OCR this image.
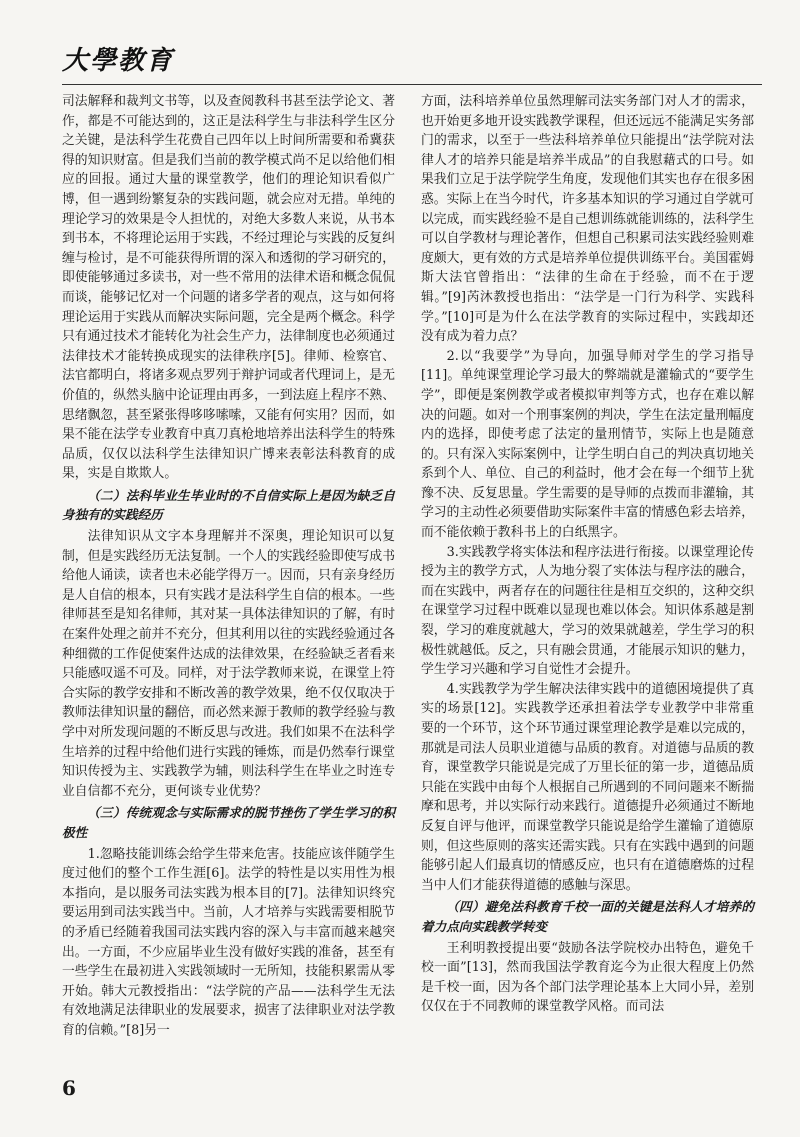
大學教育

司法解释和裁判文书等，以及查阅教科书甚至法学论文、著作，都是不可能达到的，这正是法科学生与非法科学生区分之关键，是法科学生花费自己四年以上时间所需要和希冀获得的知识财富。但是我们当前的教学模式尚不足以给他们相应的回报。通过大量的课堂教学，他们的理论知识看似广博，但一遇到纷繁复杂的实践问题，就会应对无措。单纯的理论学习的效果是令人担忧的，对绝大多数人来说，从书本到书本，不将理论运用于实践，不经过理论与实践的反复纠缠与检讨，是不可能获得所谓的深入和透彻的学习研究的，即使能够通过多读书，对一些不常用的法律术语和概念侃侃而谈，能够记忆对一个问题的诸多学者的观点，这与如何将理论运用于实践从而解决实际问题，完全是两个概念。科学只有通过技术才能转化为社会生产力，法律制度也必须通过法律技术才能转换成现实的法律秩序[5]。律师、检察官、法官都明白，将诸多观点罗列于辩护词或者代理词上，是无价值的，纵然头脑中论证理由再多，一到法庭上程序不熟、思绪飘忽，甚至紧张得哆哆嗦嗦，又能有何实用？因而，如果不能在法学专业教育中真刀真枪地培养出法科学生的特殊品质，仅仅以法科学生法律知识广博来表彰法科教育的成果，实是自欺欺人。

（二）法科毕业生毕业时的不自信实际上是因为缺乏自身独有的实践经历

法律知识从文字本身理解并不深奥，理论知识可以复制，但是实践经历无法复制。一个人的实践经验即使写成书给他人诵读，读者也未必能学得万一。因而，只有亲身经历是人自信的根本，只有实践才是法科学生自信的根本。一些律师甚至是知名律师，其对某一具体法律知识的了解，有时在案件处理之前并不充分，但其利用以往的实践经验通过各种细微的工作促使案件达成的法律效果，在经验缺乏者看来只能感叹遥不可及。同样，对于法学教师来说，在课堂上符合实际的教学安排和不断改善的教学效果，绝不仅仅取决于教师法律知识量的翻倍，而必然来源于教师的教学经验与教学中对所发现问题的不断反思与改进。我们如果不在法科学生培养的过程中给他们进行实践的锤炼，而是仍然奉行课堂知识传授为主、实践教学为辅，则法科学生在毕业之时连专业自信都不充分，更何谈专业优势？

（三）传统观念与实际需求的脱节挫伤了学生学习的积极性

1.忽略技能训练会给学生带来危害。技能应该伴随学生度过他们的整个工作生涯[6]。法学的特性是以实用性为根本指向，是以服务司法实践为根本目的[7]。法律知识终究要运用到司法实践当中。当前，人才培养与实践需要相脱节的矛盾已经随着我国司法实践内容的深入与丰富而越来越突出。一方面，不少应届毕业生没有做好实践的准备，甚至有一些学生在最初进入实践领域时一无所知，技能积累需从零开始。韩大元教授指出：“法学院的产品——法科学生无法有效地满足法律职业的发展要求，损害了法律职业对法学教育的信赖。”[8]另一

方面，法科培养单位虽然理解司法实务部门对人才的需求，也开始更多地开设实践教学课程，但还远远不能满足实务部门的需求，以至于一些法科培养单位只能提出“法学院对法律人才的培养只能是培养半成品”的自我慰藉式的口号。如果我们立足于法学院学生角度，发现他们其实也存在很多困惑。实际上在当今时代，许多基本知识的学习通过自学就可以完成，而实践经验不是自己想训练就能训练的，法科学生可以自学教材与理论著作，但想自己积累司法实践经验则难度颇大，更有效的方式是培养单位提供训练平台。美国霍姆斯大法官曾指出：“法律的生命在于经验，而不在于逻辑。”[9]芮沐教授也指出：“法学是一门行为科学、实践科学。”[10]可是为什么在法学教育的实际过程中，实践却还没有成为着力点？

2.以“我要学”为导向，加强导师对学生的学习指导[11]。单纯课堂理论学习最大的弊端就是灌输式的“要学生学”，即便是案例教学或者模拟审判等方式，也存在难以解决的问题。如对一个刑事案例的判决，学生在法定量刑幅度内的选择，即使考虑了法定的量刑情节，实际上也是随意的。只有深入实际案例中，让学生明白自己的判决真切地关系到个人、单位、自己的利益时，他才会在每一个细节上犹豫不决、反复思量。学生需要的是导师的点拨而非灌输，其学习的主动性必须要借助实际案件丰富的情感色彩去培养，而不能依赖于教科书上的白纸黑字。

3.实践教学将实体法和程序法进行衔接。以课堂理论传授为主的教学方式，人为地分裂了实体法与程序法的融合，而在实践中，两者存在的问题往往是相互交织的，这种交织在课堂学习过程中既难以显现也难以体会。知识体系越是割裂，学习的难度就越大，学习的效果就越差，学生学习的积极性就越低。反之，只有融会贯通，才能展示知识的魅力，学生学习兴趣和学习自觉性才会提升。

4.实践教学为学生解决法律实践中的道德困境提供了真实的场景[12]。实践教学还承担着法学专业教学中非常重要的一个环节，这个环节通过课堂理论教学是难以完成的，那就是司法人员职业道德与品质的教育。对道德与品质的教育，课堂教学只能说是完成了万里长征的第一步，道德品质只能在实践中由每个人根据自己所遇到的不同问题来不断揣摩和思考，并以实际行动来践行。道德提升必须通过不断地反复自评与他评，而课堂教学只能说是给学生灌输了道德原则，但这些原则的落实还需实践。只有在实践中遇到的问题能够引起人们最真切的情感反应，也只有在道德磨炼的过程当中人们才能获得道德的感触与深思。

（四）避免法科教育千校一面的关键是法科人才培养的着力点向实践教学转变

王利明教授提出要“鼓励各法学院校办出特色，避免千校一面”[13]，然而我国法学教育迄今为止很大程度上仍然是千校一面，因为各个部门法学理论基本上大同小异，差别仅仅在于不同教师的课堂教学风格。而司法

6
